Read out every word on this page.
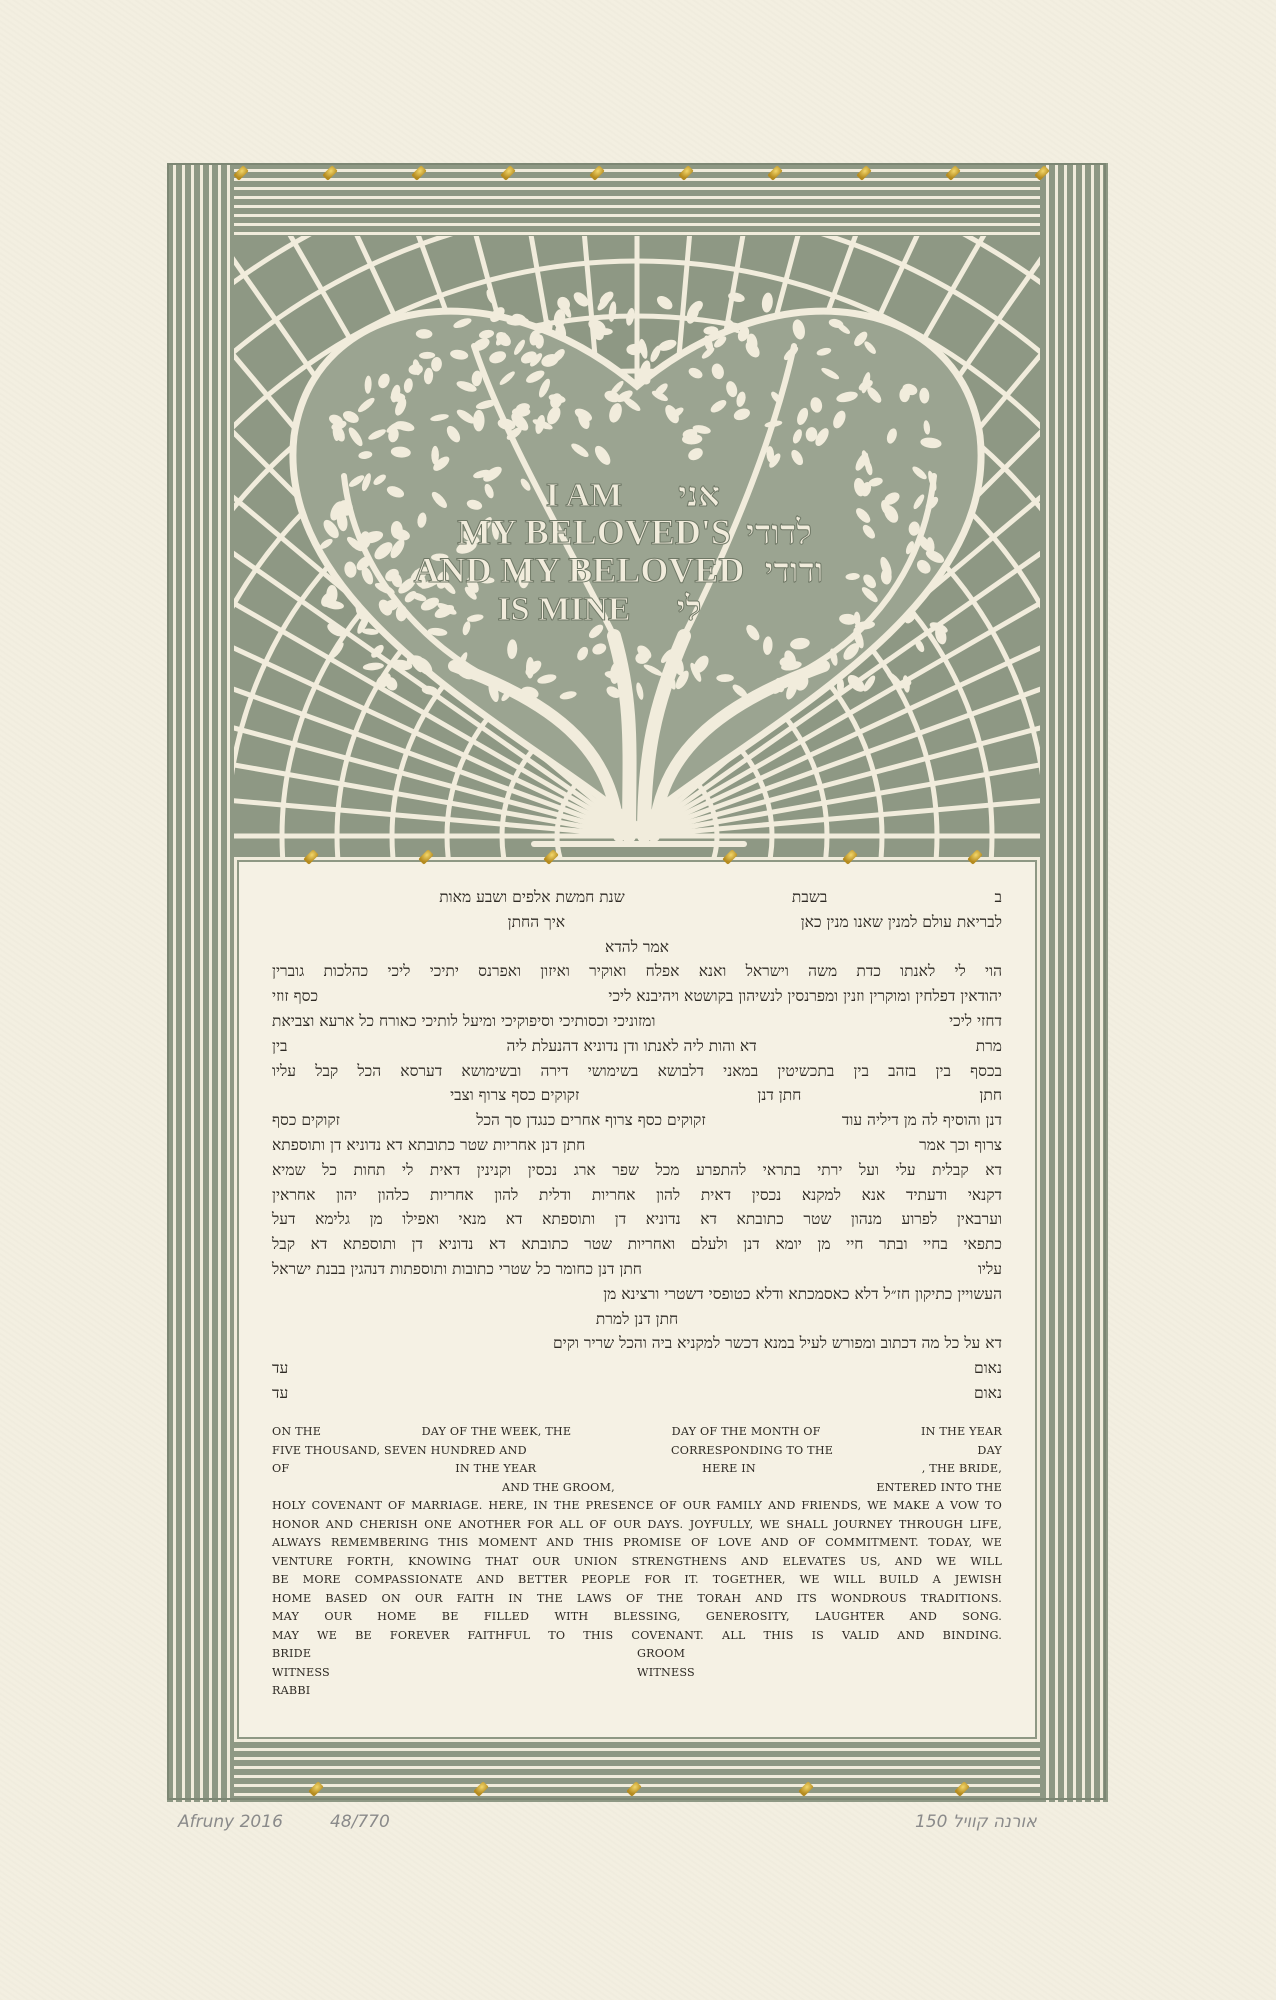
I AM
MY BELOVED'S
AND MY BELOVED
IS MINE
אני
לדודי
ודודי
לי
ב
בשבת
שנת חמשת אלפים ושבע מאות
לבריאת עולם למנין שאנו מנין כאן
איך החתן
אמר להדא
הוי לי לאנתו כדת משה וישראל ואנא אפלח ואוקיר ואיזון ואפרנס יתיכי ליכי כהלכות גוברין
יהודאין דפלחין ומוקרין וזנין ומפרנסין לנשיהון בקושטא ויהיבנא ליכי
כסף זוזי
דחזי ליכי
ומזוניכי וכסותיכי וסיפוקיכי ומיעל לותיכי כאורח כל ארעא וצביאת
מרת
דא והות ליה לאנתו ודן נדוניא דהנעלת ליה
בין
בכסף בין בזהב בין בתכשיטין במאני דלבושא בשימושי דירה ובשימושא דערסא הכל קבל עליו
חתן
חתן דנן
זקוקים כסף צרוף וצבי
דנן והוסיף לה מן דיליה עוד
זקוקים כסף צרוף אחרים כנגדן סך הכל
זקוקים כסף
צרוף וכך אמר
חתן דנן אחריות שטר כתובתא דא נדוניא דן ותוספתא
דא קבלית עלי ועל ירתי בתראי להתפרע מכל שפר ארג נכסין וקנינין דאית לי תחות כל שמיא
דקנאי ודעתיד אנא למקנא נכסין דאית להון אחריות ודלית להון אחריות כלהון יהון אחראין
וערבאין לפרוע מנהון שטר כתובתא דא נדוניא דן ותוספתא דא מנאי ואפילו מן גלימא דעל
כתפאי בחיי ובתר חיי מן יומא דנן ולעלם ואחריות שטר כתובתא דא נדוניא דן ותוספתא דא קבל
עליו
חתן דנן כחומר כל שטרי כתובות ותוספתות דנהגין בבנת ישראל
העשויין כתיקון חז״ל דלא כאסמכתא ודלא כטופסי דשטרי ורצינא מן
חתן דנן למרת
דא על כל מה דכתוב ומפורש לעיל במנא דכשר למקניא ביה והכל שריר וקים
נאום
עד
נאום
עד
ON THE	DAY OF THE WEEK, THE	DAY OF THE MONTH OF	IN THE YEAR
FIVE THOUSAND, SEVEN HUNDRED AND	CORRESPONDING TO THE	DAY
OF	IN THE YEAR	HERE IN	, THE BRIDE,
AND THE GROOM,	ENTERED INTO THE
HOLY COVENANT OF MARRIAGE. HERE, IN THE PRESENCE OF OUR FAMILY AND FRIENDS, WE MAKE A VOW TO
HONOR AND CHERISH ONE ANOTHER FOR ALL OF OUR DAYS. JOYFULLY, WE SHALL JOURNEY THROUGH LIFE,
ALWAYS REMEMBERING THIS MOMENT AND THIS PROMISE OF LOVE AND OF COMMITMENT. TODAY, WE
VENTURE FORTH, KNOWING THAT OUR UNION STRENGTHENS AND ELEVATES US, AND WE WILL
BE MORE COMPASSIONATE AND BETTER PEOPLE FOR IT. TOGETHER, WE WILL BUILD A JEWISH
HOME BASED ON OUR FAITH IN THE LAWS OF THE TORAH AND ITS WONDROUS TRADITIONS.
MAY OUR HOME BE FILLED WITH BLESSING, GENEROSITY, LAUGHTER AND SONG.
MAY WE BE FOREVER FAITHFUL TO THIS COVENANT. ALL THIS IS VALID AND BINDING.
BRIDE	GROOM
WITNESS	WITNESS
RABBI
Afruny 2016	48/770	אורנה קוויל 150
